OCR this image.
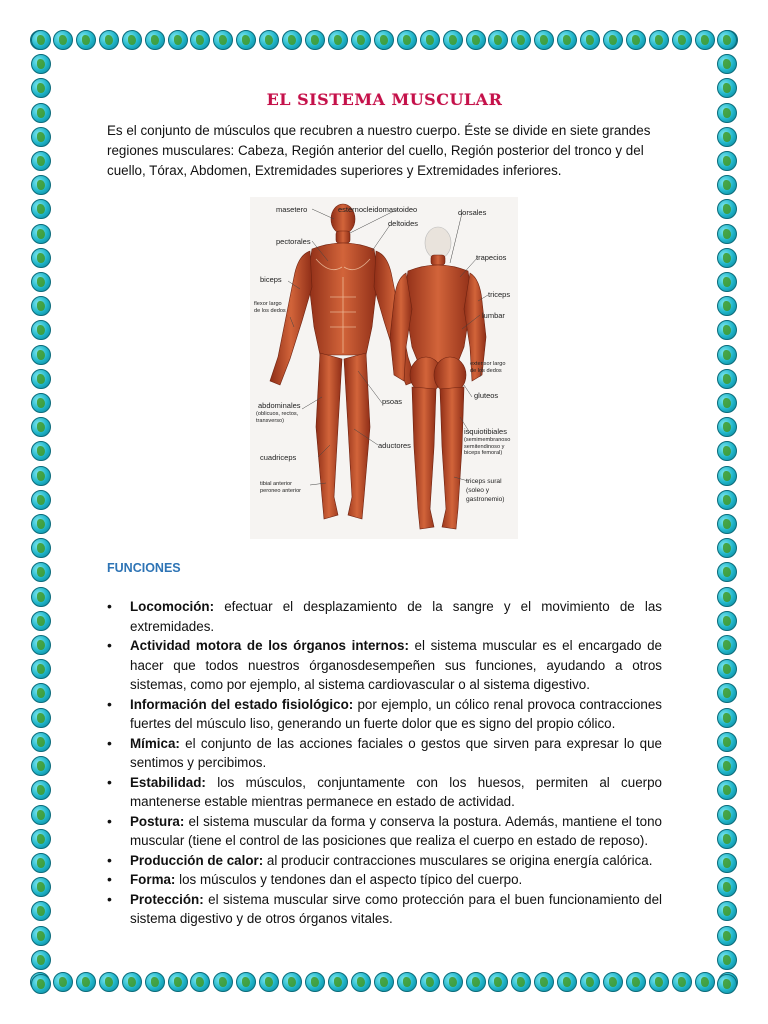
EL SISTEMA MUSCULAR

Es el conjunto de músculos que recubren a nuestro cuerpo. Éste se divide en siete grandes regiones musculares: Cabeza, Región anterior del cuello, Región posterior del tronco y del cuello, Tórax, Abdomen, Extremidades superiores y Extremidades inferiores.

masetero	esternocleidomastoideo	dorsales
deltoides
pectorales
trapecios
biceps
triceps
flexor largo de los dedos
lumbar
extensor largo de los dedos
abdominales
(oblicuos, rectos, transverso)
psoas
gluteos
isquiotibiales
(semimembranoso semitendinoso y biceps femoral)
aductores
cuadriceps
tibial anterior peroneo anterior
triceps sural (soleo y gastronemio)
FUNCIONES
• Locomoción: efectuar el desplazamiento de la sangre y el movimiento de las extremidades.
• Actividad motora de los órganos internos: el sistema muscular es el encargado de hacer que todos nuestros órganosdesempeñen sus funciones, ayudando a otros sistemas, como por ejemplo, al sistema cardiovascular o al sistema digestivo.
• Información del estado fisiológico: por ejemplo, un cólico renal provoca contracciones fuertes del músculo liso, generando un fuerte dolor que es signo del propio cólico.
• Mímica: el conjunto de las acciones faciales o gestos que sirven para expresar lo que sentimos y percibimos.
• Estabilidad: los músculos, conjuntamente con los huesos, permiten al cuerpo mantenerse estable mientras permanece en estado de actividad.
• Postura: el sistema muscular da forma y conserva la postura. Además, mantiene el tono muscular (tiene el control de las posiciones que realiza el cuerpo en estado de reposo).
• Producción de calor: al producir contracciones musculares se origina energía calórica.
• Forma: los músculos y tendones dan el aspecto típico del cuerpo.
• Protección: el sistema muscular sirve como protección para el buen funcionamiento del sistema digestivo y de otros órganos vitales.
